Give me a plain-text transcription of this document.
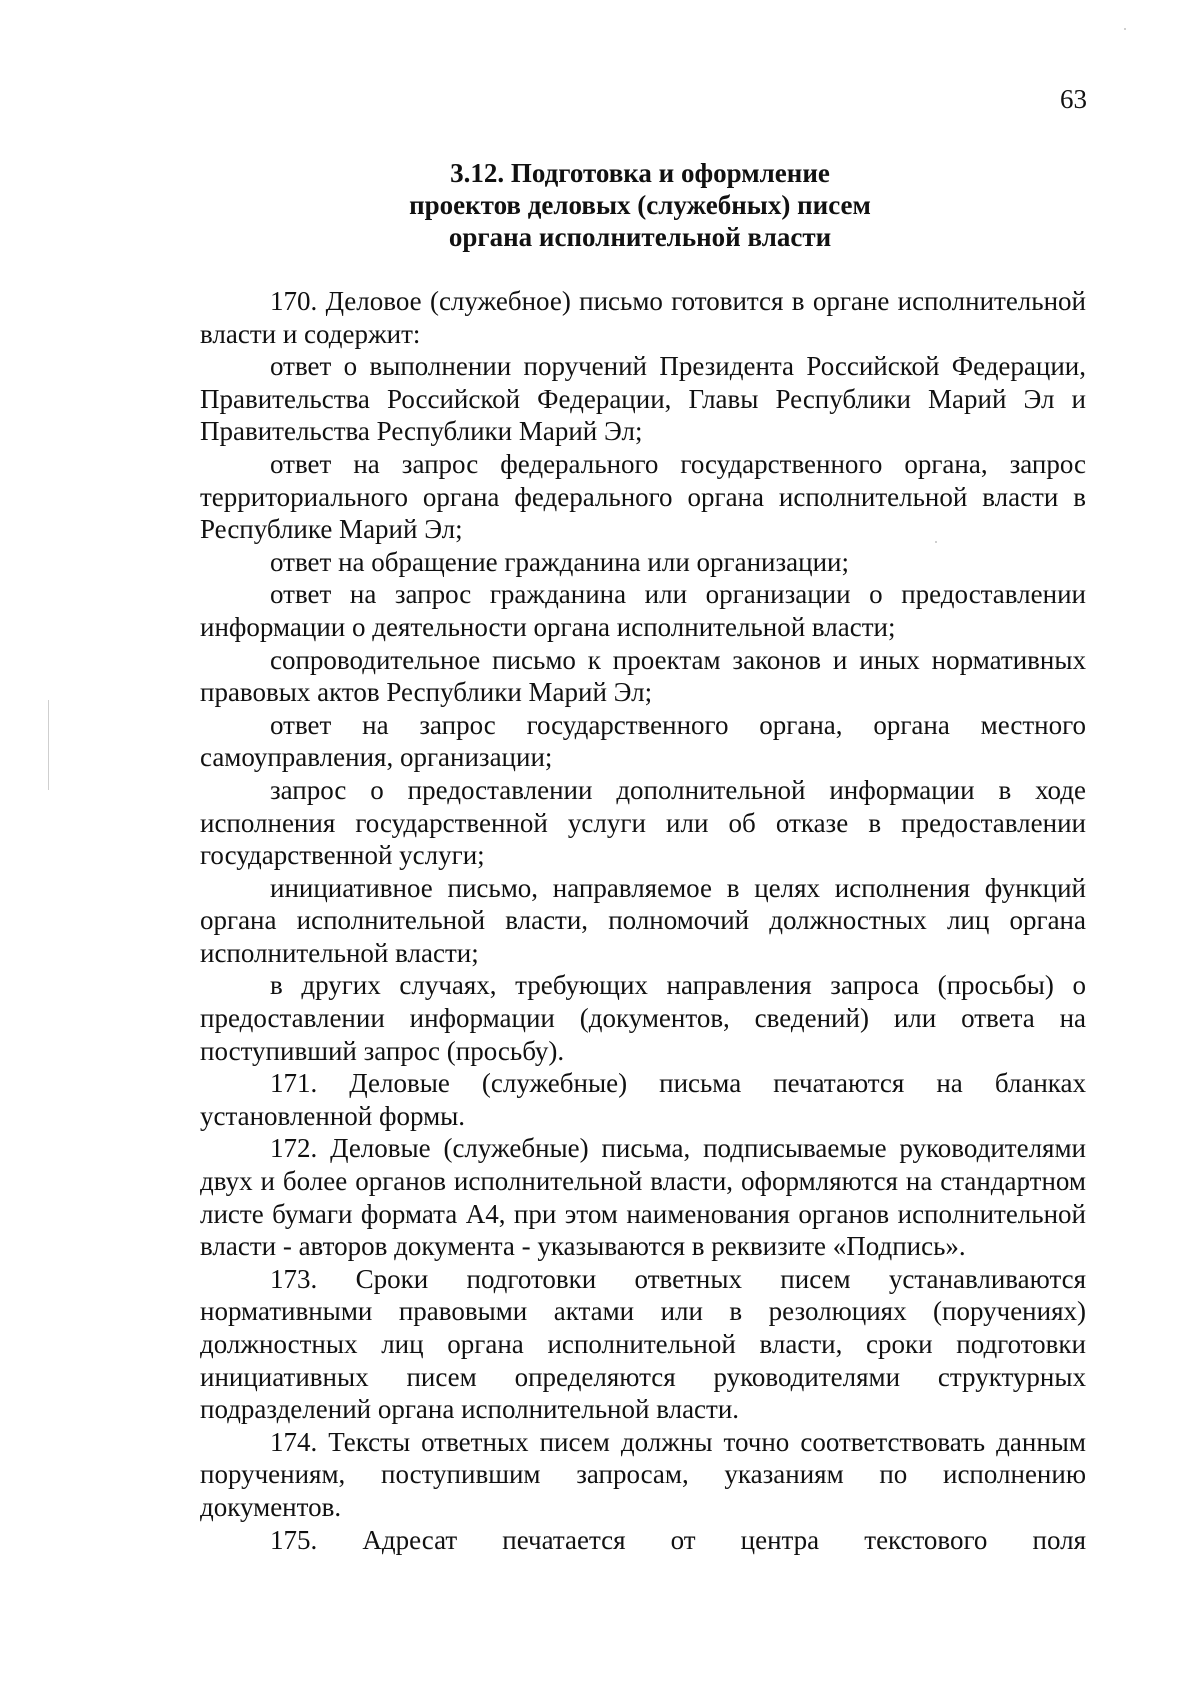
63
3.12. Подготовка и оформление
проектов деловых (служебных) писем
органа исполнительной власти

170. Деловое (служебное) письмо готовится в органе исполнительной власти и содержит:

ответ о выполнении поручений Президента Российской Федерации, Правительства Российской Федерации, Главы Республики Марий Эл и Правительства Республики Марий Эл;

ответ на запрос федерального государственного органа, запрос территориального органа федерального органа исполнительной власти в Республике Марий Эл;

ответ на обращение гражданина или организации;

ответ на запрос гражданина или организации о предоставлении информации о деятельности органа исполнительной власти;

сопроводительное письмо к проектам законов и иных нормативных правовых актов Республики Марий Эл;

ответ на запрос государственного органа, органа местного самоуправления, организации;

запрос о предоставлении дополнительной информации в ходе исполнения государственной услуги или об отказе в предоставлении государственной услуги;

инициативное письмо, направляемое в целях исполнения функций органа исполнительной власти, полномочий должностных лиц органа исполнительной власти;

в других случаях, требующих направления запроса (просьбы) о предоставлении информации (документов, сведений) или ответа на поступивший запрос (просьбу).

171. Деловые (служебные) письма печатаются на бланках установленной формы.

172. Деловые (служебные) письма, подписываемые руководителями двух и более органов исполнительной власти, оформляются на стандартном листе бумаги формата А4, при этом наименования органов исполнительной власти - авторов документа - указываются в реквизите «Подпись».

173. Сроки подготовки ответных писем устанавливаются нормативными правовыми актами или в резолюциях (поручениях) должностных лиц органа исполнительной власти, сроки подготовки инициативных писем определяются руководителями структурных подразделений органа исполнительной власти.

174. Тексты ответных писем должны точно соответствовать данным поручениям, поступившим запросам, указаниям по исполнению документов.

175. Адресат печатается от центра текстового поля
